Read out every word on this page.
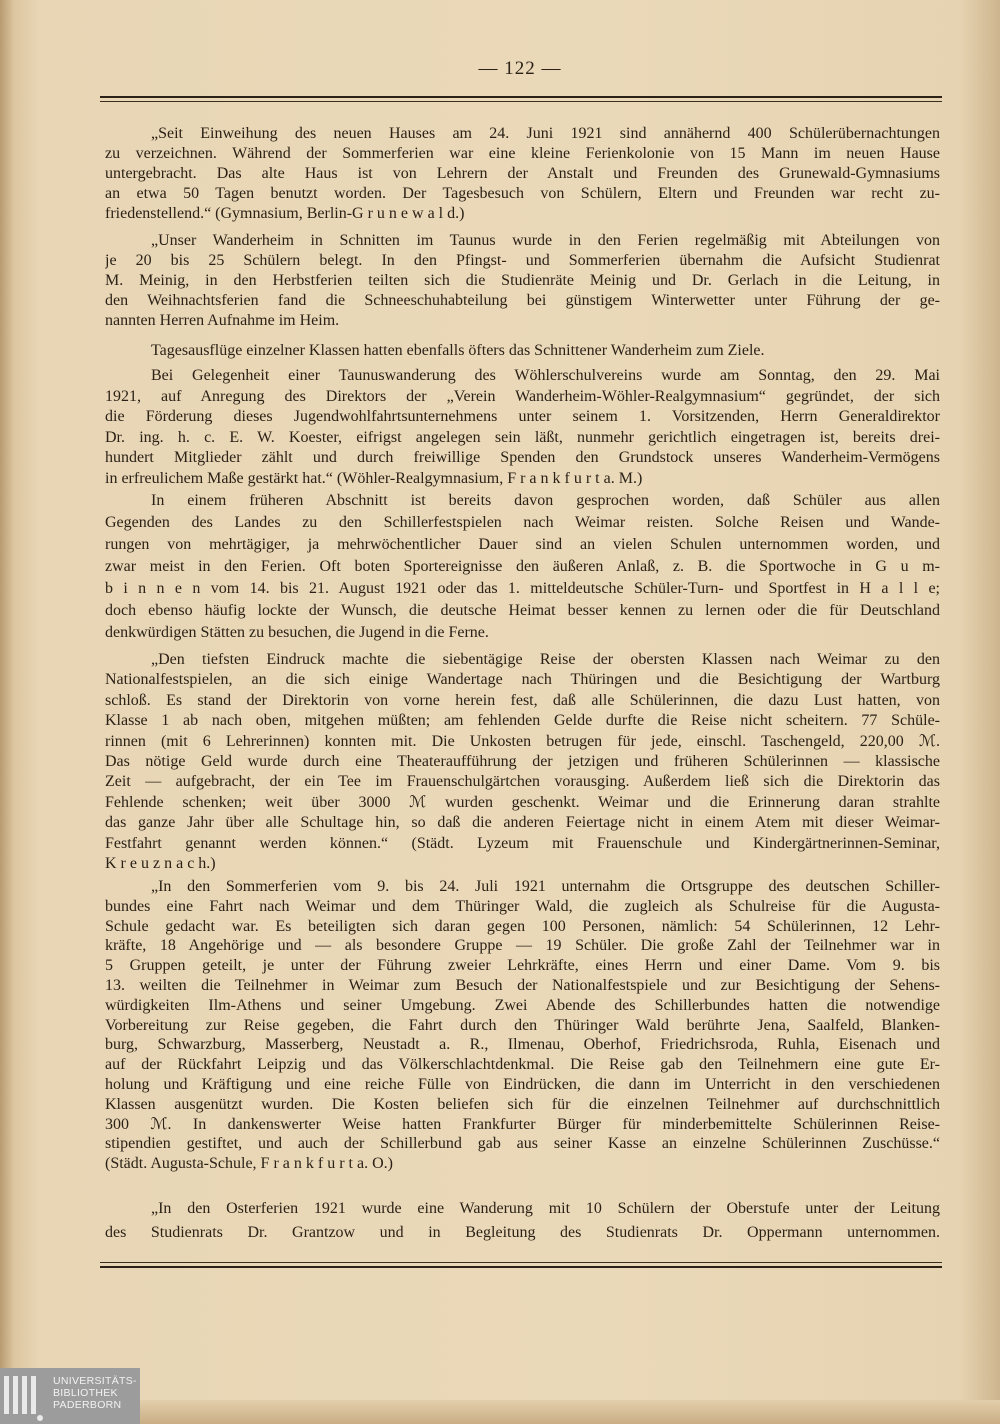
— 122 —
„Seit Einweihung des neuen Hauses am 24. Juni 1921 sind annähernd 400 Schülerübernachtungen
zu verzeichnen. Während der Sommerferien war eine kleine Ferienkolonie von 15 Mann im neuen Hause
untergebracht. Das alte Haus ist von Lehrern der Anstalt und Freunden des Grunewald-Gymnasiums
an etwa 50 Tagen benutzt worden. Der Tagesbesuch von Schülern, Eltern und Freunden war recht zu-
friedenstellend.“ (Gymnasium, Berlin-G r u n e w a l d.)
„Unser Wanderheim in Schnitten im Taunus wurde in den Ferien regelmäßig mit Abteilungen von
je 20 bis 25 Schülern belegt. In den Pfingst- und Sommerferien übernahm die Aufsicht Studienrat
M. Meinig, in den Herbstferien teilten sich die Studienräte Meinig und Dr. Gerlach in die Leitung, in
den Weihnachtsferien fand die Schneeschuhabteilung bei günstigem Winterwetter unter Führung der ge-
nannten Herren Aufnahme im Heim.
Tagesausflüge einzelner Klassen hatten ebenfalls öfters das Schnittener Wanderheim zum Ziele.
Bei Gelegenheit einer Taunuswanderung des Wöhlerschulvereins wurde am Sonntag, den 29. Mai
1921, auf Anregung des Direktors der „Verein Wanderheim-Wöhler-Realgymnasium“ gegründet, der sich
die Förderung dieses Jugendwohlfahrtsunternehmens unter seinem 1. Vorsitzenden, Herrn Generaldirektor
Dr. ing. h. c. E. W. Koester, eifrigst angelegen sein läßt, nunmehr gerichtlich eingetragen ist, bereits drei-
hundert Mitglieder zählt und durch freiwillige Spenden den Grundstock unseres Wanderheim-Vermögens
in erfreulichem Maße gestärkt hat.“ (Wöhler-Realgymnasium, F r a n k f u r t a. M.)
In einem früheren Abschnitt ist bereits davon gesprochen worden, daß Schüler aus allen
Gegenden des Landes zu den Schillerfestspielen nach Weimar reisten. Solche Reisen und Wande-
rungen von mehrtägiger, ja mehrwöchentlicher Dauer sind an vielen Schulen unternommen worden, und
zwar meist in den Ferien. Oft boten Sportereignisse den äußeren Anlaß, z. B. die Sportwoche in G u m-
b i n n e n vom 14. bis 21. August 1921 oder das 1. mitteldeutsche Schüler-Turn- und Sportfest in H a l l e;
doch ebenso häufig lockte der Wunsch, die deutsche Heimat besser kennen zu lernen oder die für Deutschland
denkwürdigen Stätten zu besuchen, die Jugend in die Ferne.
„Den tiefsten Eindruck machte die siebentägige Reise der obersten Klassen nach Weimar zu den
Nationalfestspielen, an die sich einige Wandertage nach Thüringen und die Besichtigung der Wartburg
schloß. Es stand der Direktorin von vorne herein fest, daß alle Schülerinnen, die dazu Lust hatten, von
Klasse 1 ab nach oben, mitgehen müßten; am fehlenden Gelde durfte die Reise nicht scheitern. 77 Schüle-
rinnen (mit 6 Lehrerinnen) konnten mit. Die Unkosten betrugen für jede, einschl. Taschengeld, 220,00 ℳ.
Das nötige Geld wurde durch eine Theateraufführung der jetzigen und früheren Schülerinnen — klassische
Zeit — aufgebracht, der ein Tee im Frauenschulgärtchen vorausging. Außerdem ließ sich die Direktorin das
Fehlende schenken; weit über 3000 ℳ wurden geschenkt. Weimar und die Erinnerung daran strahlte
das ganze Jahr über alle Schultage hin, so daß die anderen Feiertage nicht in einem Atem mit dieser Weimar-
Festfahrt genannt werden können.“ (Städt. Lyzeum mit Frauenschule und Kindergärtnerinnen-Seminar,
K r e u z n a c h.)
„In den Sommerferien vom 9. bis 24. Juli 1921 unternahm die Ortsgruppe des deutschen Schiller-
bundes eine Fahrt nach Weimar und dem Thüringer Wald, die zugleich als Schulreise für die Augusta-
Schule gedacht war. Es beteiligten sich daran gegen 100 Personen, nämlich: 54 Schülerinnen, 12 Lehr-
kräfte, 18 Angehörige und — als besondere Gruppe — 19 Schüler. Die große Zahl der Teilnehmer war in
5 Gruppen geteilt, je unter der Führung zweier Lehrkräfte, eines Herrn und einer Dame. Vom 9. bis
13. weilten die Teilnehmer in Weimar zum Besuch der Nationalfestspiele und zur Besichtigung der Sehens-
würdigkeiten Ilm-Athens und seiner Umgebung. Zwei Abende des Schillerbundes hatten die notwendige
Vorbereitung zur Reise gegeben, die Fahrt durch den Thüringer Wald berührte Jena, Saalfeld, Blanken-
burg, Schwarzburg, Masserberg, Neustadt a. R., Ilmenau, Oberhof, Friedrichsroda, Ruhla, Eisenach und
auf der Rückfahrt Leipzig und das Völkerschlachtdenkmal. Die Reise gab den Teilnehmern eine gute Er-
holung und Kräftigung und eine reiche Fülle von Eindrücken, die dann im Unterricht in den verschiedenen
Klassen ausgenützt wurden. Die Kosten beliefen sich für die einzelnen Teilnehmer auf durchschnittlich
300 ℳ. In dankenswerter Weise hatten Frankfurter Bürger für minderbemittelte Schülerinnen Reise-
stipendien gestiftet, und auch der Schillerbund gab aus seiner Kasse an einzelne Schülerinnen Zuschüsse.“
(Städt. Augusta-Schule, F r a n k f u r t a. O.)
„In den Osterferien 1921 wurde eine Wanderung mit 10 Schülern der Oberstufe unter der Leitung
des Studienrats Dr. Grantzow und in Begleitung des Studienrats Dr. Oppermann unternommen.
UNIVERSITÄTS-
BIBLIOTHEK
PADERBORN
